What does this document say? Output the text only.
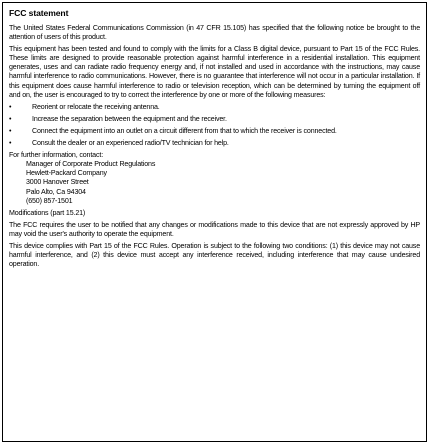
FCC statement

The United States Federal Communications Commission (in 47 CFR 15.105) has specified that the following notice be brought to the attention of users of this product.

This equipment has been tested and found to comply with the limits for a Class B digital device, pursuant to Part 15 of the FCC Rules. These limits are designed to provide reasonable protection against harmful interference in a residential installation. This equipment generates, uses and can radiate radio frequency energy and, if not installed and used in accordance with the instructions, may cause harmful interference to radio communications. However, there is no guarantee that interference will not occur in a particular installation. If this equipment does cause harmful interference to radio or television reception, which can be determined by turning the equipment off and on, the user is encouraged to try to correct the interference by one or more of the following measures:

•	Reorient or relocate the receiving antenna.
•	Increase the separation between the equipment and the receiver.
•	Connect the equipment into an outlet on a circuit different from that to which the receiver is connected.
•	Consult the dealer or an experienced radio/TV technician for help.

For further information, contact:

Manager of Corporate Product Regulations
Hewlett-Packard Company
3000 Hanover Street
Palo Alto, Ca 94304
(650) 857-1501

Modifications (part 15.21)

The FCC requires the user to be notified that any changes or modifications made to this device that are not expressly approved by HP may void the user's authority to operate the equipment.

This device complies with Part 15 of the FCC Rules. Operation is subject to the following two conditions: (1) this device may not cause harmful interference, and (2) this device must accept any interference received, including interference that may cause undesired operation.
